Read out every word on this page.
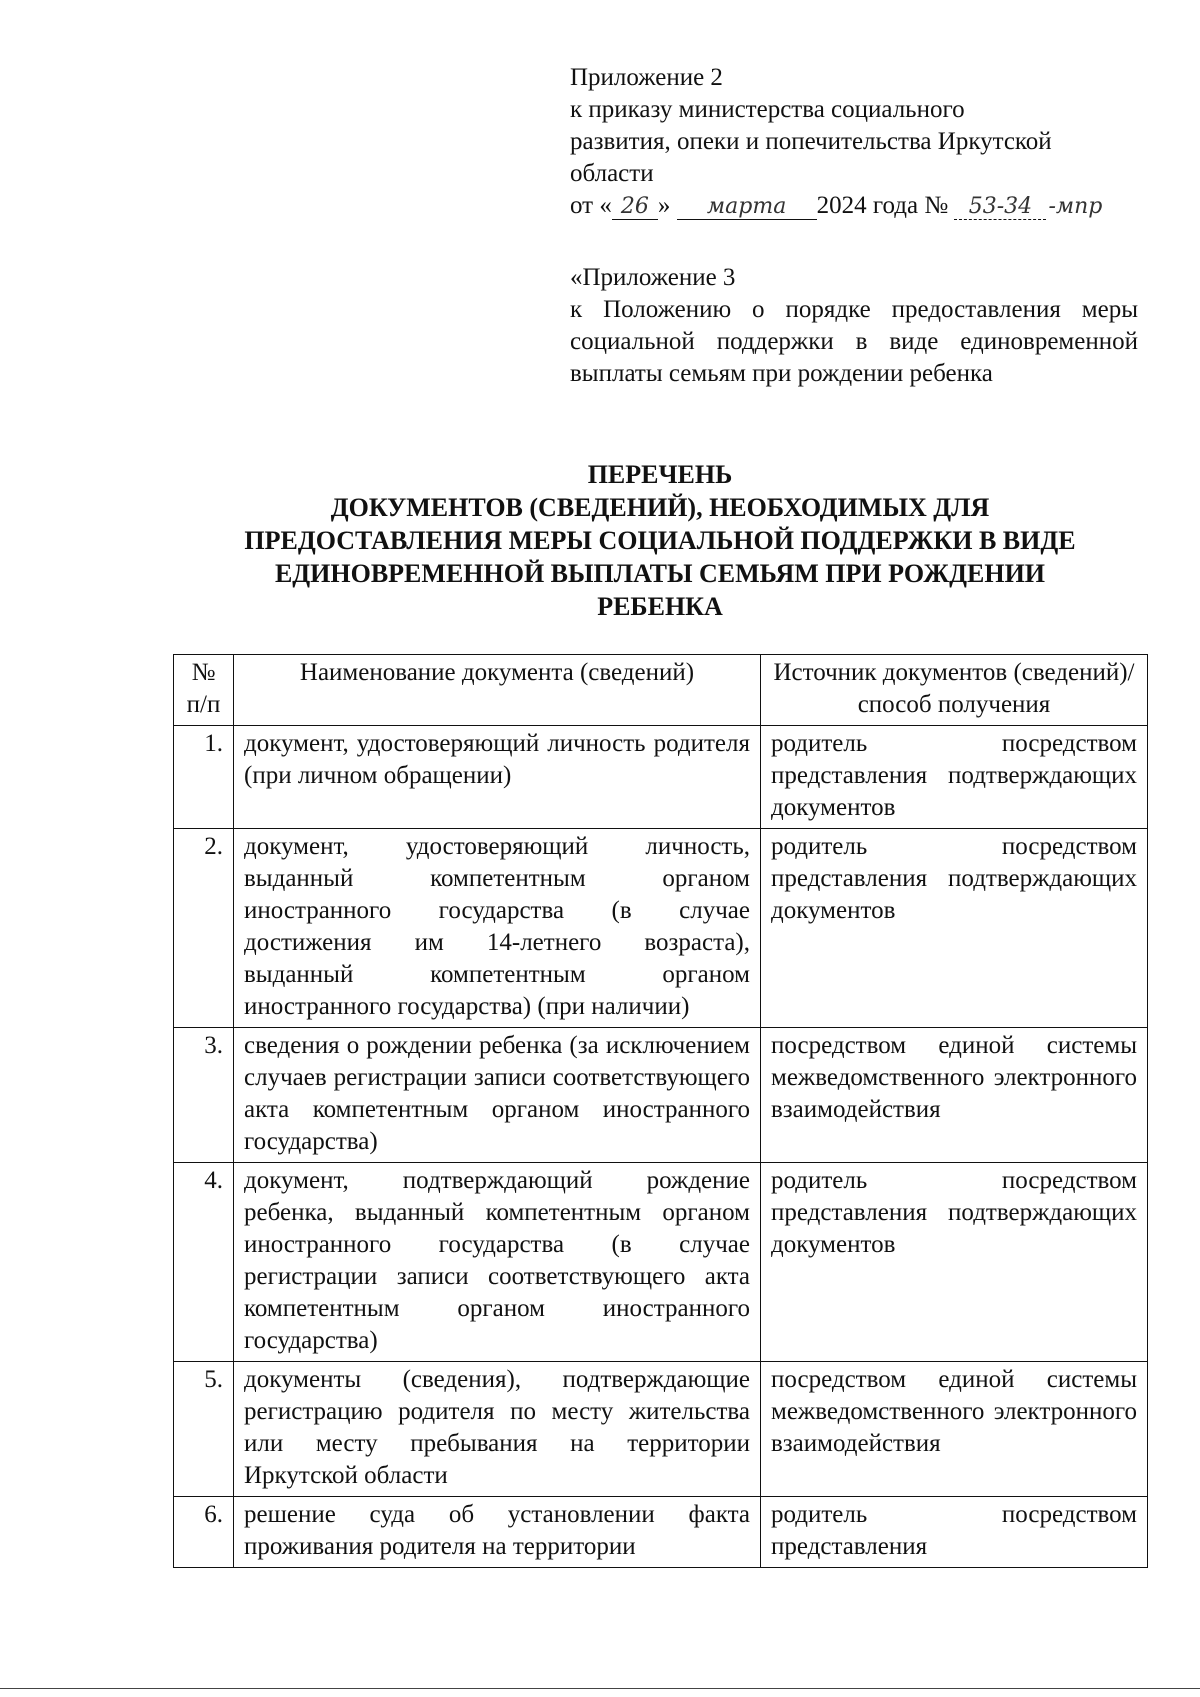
Приложение 2

к приказу министерства социального

развития, опеки и попечительства Иркутской

области

от « 26 » марта 2024 года № 53-34 -мпр

«Приложение 3

к Положению о порядке предоставления меры социальной поддержки в виде единовременной выплаты семьям при рождении ребенка

ПЕРЕЧЕНЬ
ДОКУМЕНТОВ (СВЕДЕНИЙ), НЕОБХОДИМЫХ ДЛЯ
ПРЕДОСТАВЛЕНИЯ МЕРЫ СОЦИАЛЬНОЙ ПОДДЕРЖКИ В ВИДЕ
ЕДИНОВРЕМЕННОЙ ВЫПЛАТЫ СЕМЬЯМ ПРИ РОЖДЕНИИ
РЕБЕНКА
№ п/п	Наименование документа (сведений)	Источник документов (сведений)/способ получения
1.	документ, удостоверяющий личность родителя (при личном обращении)	родитель посредством представления подтверждающих документов
2.	документ, удостоверяющий личность, выданный компетентным органом иностранного государства (в случае достижения им 14-летнего возраста), выданный компетентным органом иностранного государства) (при наличии)	родитель посредством представления подтверждающих документов
3.	сведения о рождении ребенка (за исключением случаев регистрации записи соответствующего акта компетентным органом иностранного государства)	посредством единой системы межведомственного электронного взаимодействия
4.	документ, подтверждающий рождение ребенка, выданный компетентным органом иностранного государства (в случае регистрации записи соответствующего акта компетентным органом иностранного государства)	родитель посредством представления подтверждающих документов
5.	документы (сведения), подтверждающие регистрацию родителя по месту жительства или месту пребывания на территории Иркутской области	посредством единой системы межведомственного электронного взаимодействия
6.	решение суда об установлении факта проживания родителя на территории	родитель посредством представления
